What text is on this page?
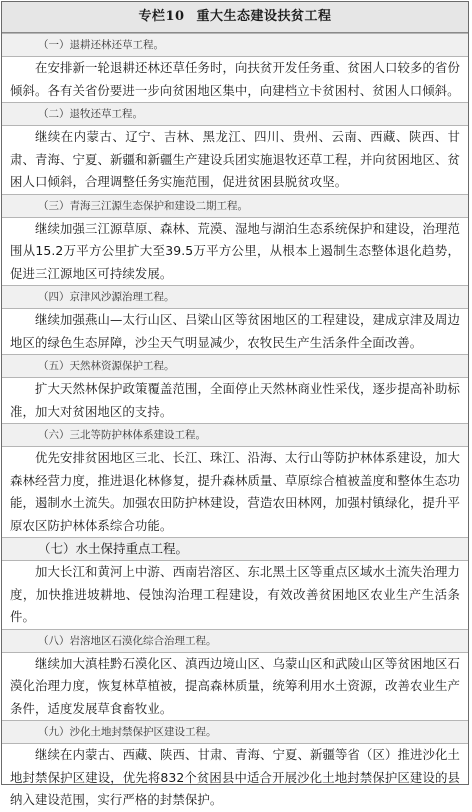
专栏10 重大生态建设扶贫工程
（一）退耕还林还草工程。
在安排新一轮退耕还林还草任务时，向扶贫开发任务重、贫困人口较多的省份倾斜。各有关省份要进一步向贫困地区集中，向建档立卡贫困村、贫困人口倾斜。
（二）退牧还草工程。
继续在内蒙古、辽宁、吉林、黑龙江、四川、贵州、云南、西藏、陕西、甘肃、青海、宁夏、新疆和新疆生产建设兵团实施退牧还草工程，并向贫困地区、贫困人口倾斜，合理调整任务实施范围，促进贫困县脱贫攻坚。
（三）青海三江源生态保护和建设二期工程。
继续加强三江源草原、森林、荒漠、湿地与湖泊生态系统保护和建设，治理范围从15.2万平方公里扩大至39.5万平方公里，从根本上遏制生态整体退化趋势，促进三江源地区可持续发展。
（四）京津风沙源治理工程。
继续加强燕山—太行山区、吕梁山区等贫困地区的工程建设，建成京津及周边地区的绿色生态屏障，沙尘天气明显减少，农牧民生产生活条件全面改善。
（五）天然林资源保护工程。
扩大天然林保护政策覆盖范围，全面停止天然林商业性采伐，逐步提高补助标准，加大对贫困地区的支持。
（六）三北等防护林体系建设工程。
优先安排贫困地区三北、长江、珠江、沿海、太行山等防护林体系建设，加大森林经营力度，推进退化林修复，提升森林质量、草原综合植被盖度和整体生态功能，遏制水土流失。加强农田防护林建设，营造农田林网，加强村镇绿化，提升平原农区防护林体系综合功能。
（七）水土保持重点工程。
加大长江和黄河上中游、西南岩溶区、东北黑土区等重点区域水土流失治理力度，加快推进坡耕地、侵蚀沟治理工程建设，有效改善贫困地区农业生产生活条件。
（八）岩溶地区石漠化综合治理工程。
继续加大滇桂黔石漠化区、滇西边境山区、乌蒙山区和武陵山区等贫困地区石漠化治理力度，恢复林草植被，提高森林质量，统筹利用水土资源，改善农业生产条件，适度发展草食畜牧业。
（九）沙化土地封禁保护区建设工程。
继续在内蒙古、西藏、陕西、甘肃、青海、宁夏、新疆等省（区）推进沙化土地封禁保护区建设，优先将832个贫困县中适合开展沙化土地封禁保护区建设的县纳入建设范围，实行严格的封禁保护。
